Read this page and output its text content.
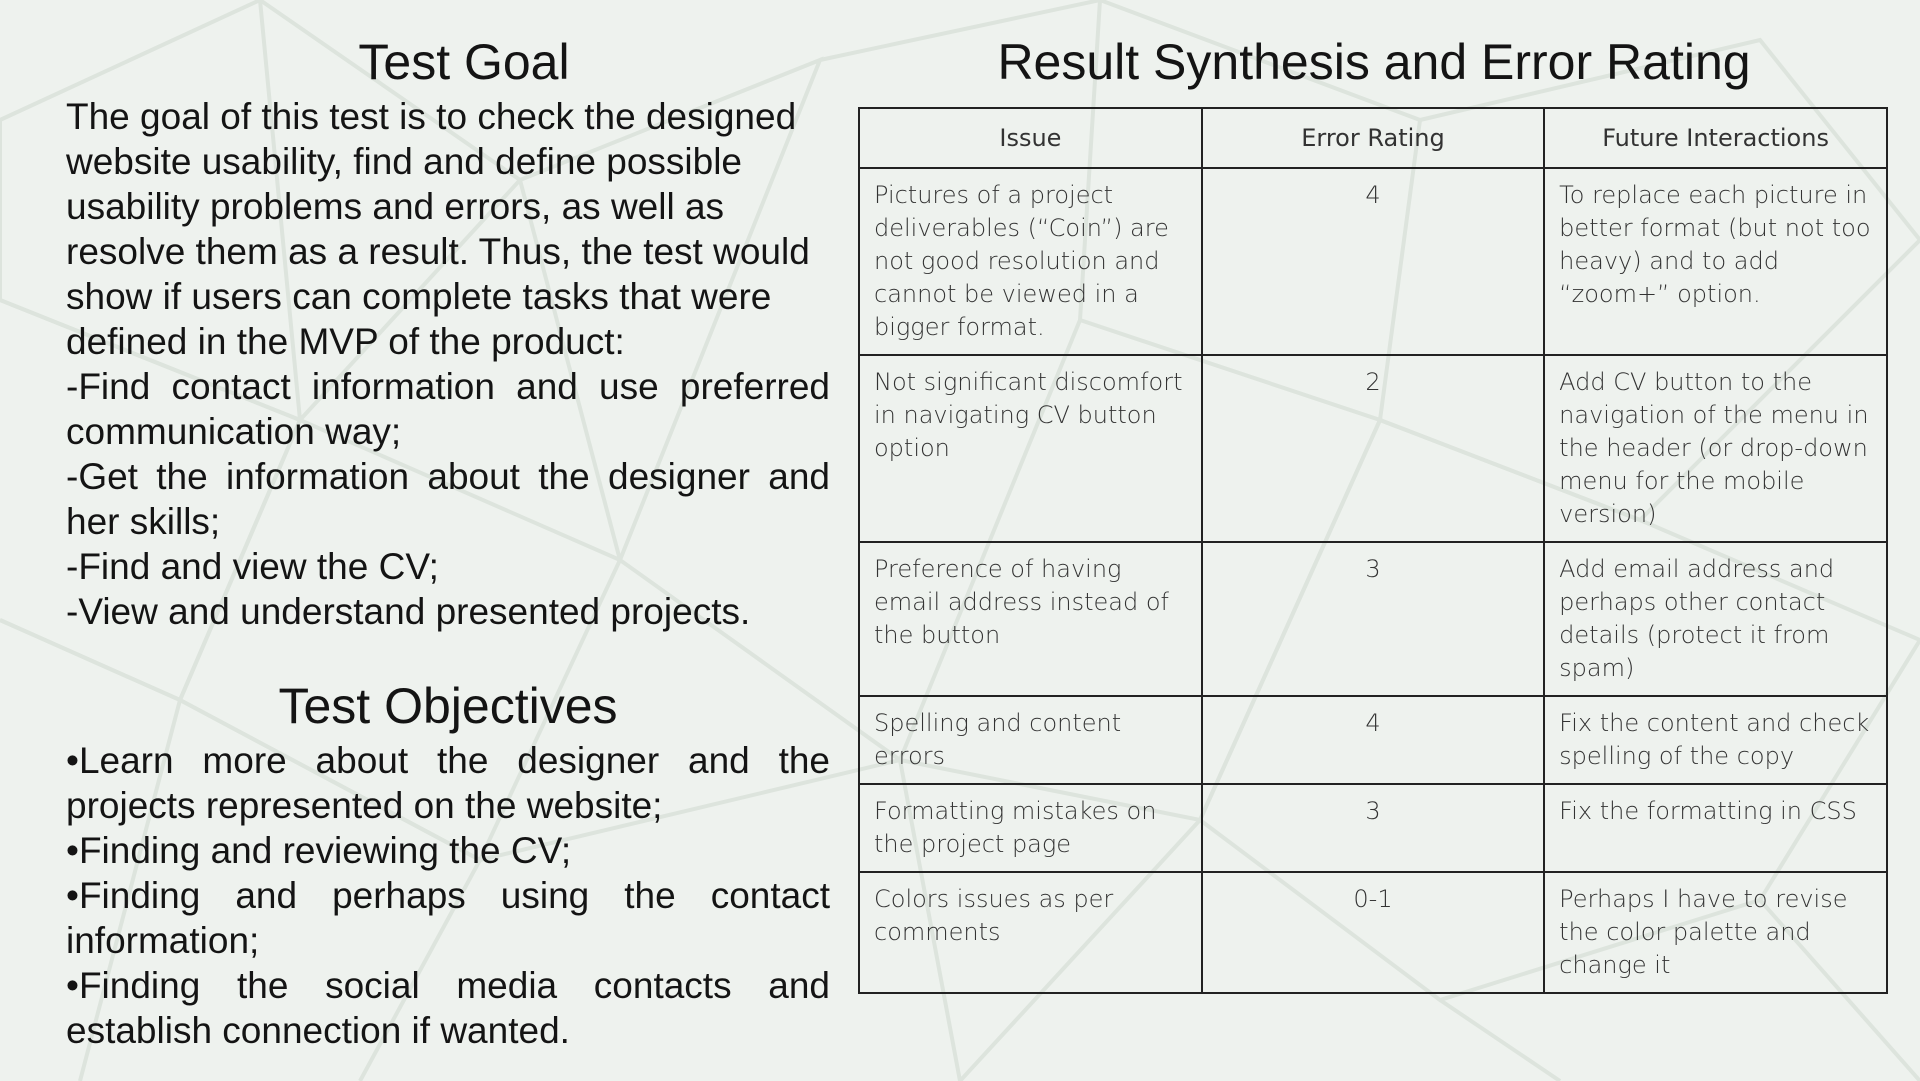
Test Goal

The goal of this test is to check the designed
website usability, find and define possible
usability problems and errors, as well as
resolve them as a result. Thus, the test would
show if users can complete tasks that were
defined in the MVP of the product:

-Find contact information and use preferred communication way;

-Get the information about the designer and her skills;

-Find and view the CV;

-View and understand presented projects.

Test Objectives

•Learn more about the designer and the projects represented on the website;

•Finding and reviewing the CV;

•Finding and perhaps using the contact information;

•Finding the social media contacts and establish connection if wanted.

Result Synthesis and Error Rating
Issue	Error Rating	Future Interactions
Pictures of a project deliverables (“Coin”) are not good resolution and cannot be viewed in a bigger format.	4	To replace each picture in better format (but not too heavy) and to add “zoom+” option.
Not significant discomfort in navigating CV button option	2	Add CV button to the navigation of the menu in the header (or drop-down menu for the mobile version)
Preference of having email address instead of the button	3	Add email address and perhaps other contact details (protect it from spam)
Spelling and content errors	4	Fix the content and check spelling of the copy
Formatting mistakes on the project page	3	Fix the formatting in CSS
Colors issues as per comments	0-1	Perhaps I have to revise the color palette and change it
